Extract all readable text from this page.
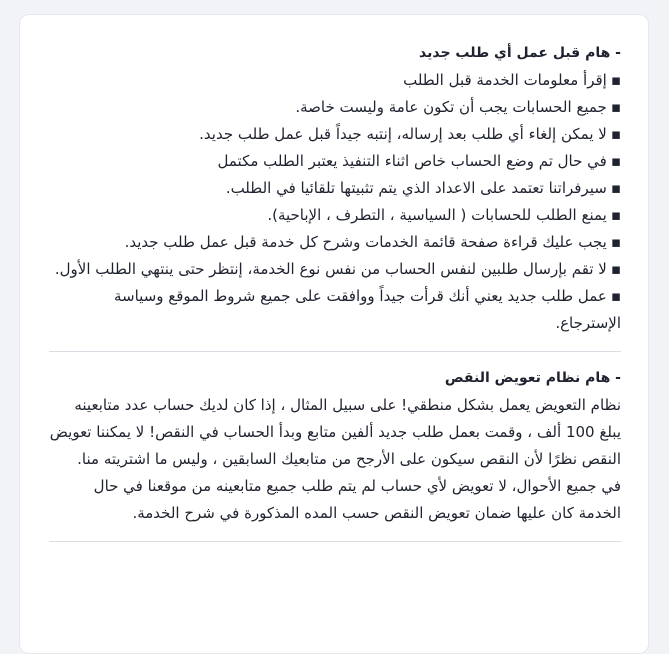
- هام قبل عمل أي طلب جديد
▪إقرأ معلومات الخدمة قبل الطلب
▪جميع الحسابات يجب أن تكون عامة وليست خاصة.
▪لا يمكن إلغاء أي طلب بعد إرساله، إنتبه جيداً قبل عمل طلب جديد.
▪في حال تم وضع الحساب خاص اثناء التنفيذ يعتبر الطلب مكتمل
▪سيرفراتنا تعتمد على الاعداد الذي يتم تثبيتها تلقائيا في الطلب.
▪يمنع الطلب للحسابات ( السياسية ، التطرف ، الإباحية).
▪يجب عليك قراءة صفحة قائمة الخدمات وشرح كل خدمة قبل عمل طلب جديد.
▪لا تقم بإرسال طلبين لنفس الحساب من نفس نوع الخدمة، إنتظر حتى ينتهي الطلب الأول.
▪عمل طلب جديد يعني أنك قرأت جيداً ووافقت على جميع شروط الموقع وسياسة الإسترجاع.
- هام نظام تعويض النقص

نظام التعويض يعمل بشكل منطقي! على سبيل المثال ، إذا كان لديك حساب عدد متابعينه يبلغ 100 ألف ، وقمت بعمل طلب جديد ألفين متابع وبدأ الحساب في النقص! لا يمكننا تعويض النقص نظرًا لأن النقص سيكون على الأرجح من متابعيك السابقين ، وليس ما اشتريته منا.

في جميع الأحوال، لا تعويض لأي حساب لم يتم طلب جميع متابعينه من موقعنا في حال الخدمة كان عليها ضمان تعويض النقص حسب المده المذكورة في شرح الخدمة.
